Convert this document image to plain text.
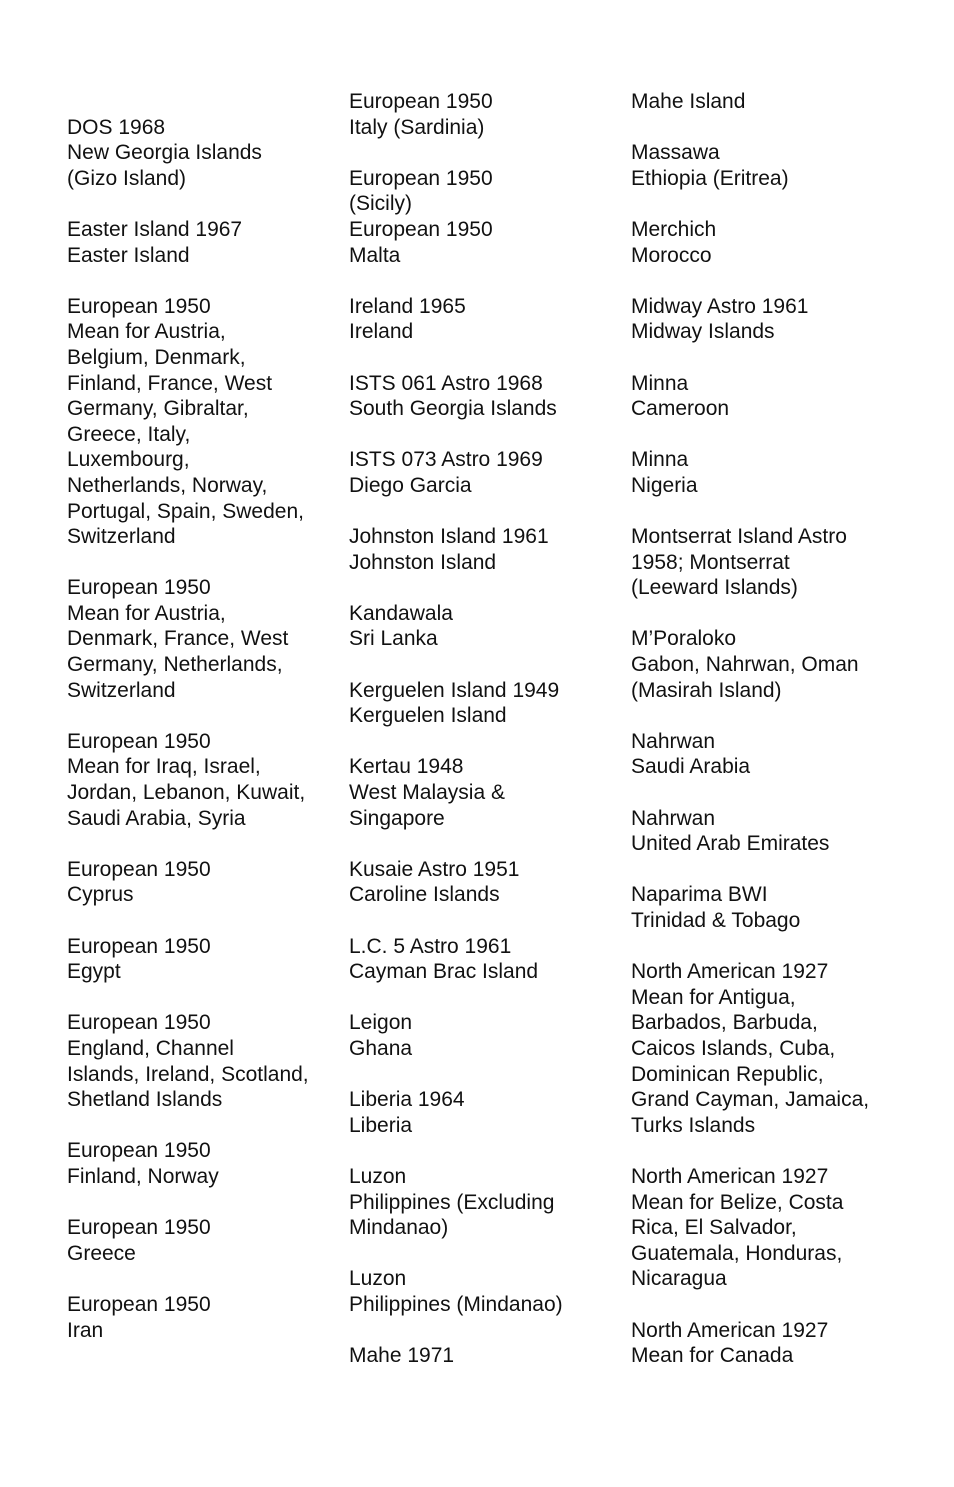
DOS 1968
New Georgia Islands
(Gizo Island)
Easter Island 1967
Easter Island
European 1950
Mean for Austria,
Belgium, Denmark,
Finland, France, West
Germany, Gibraltar,
Greece, Italy,
Luxembourg,
Netherlands, Norway,
Portugal, Spain, Sweden,
Switzerland
European 1950
Mean for Austria,
Denmark, France, West
Germany, Netherlands,
Switzerland
European 1950
Mean for Iraq, Israel,
Jordan, Lebanon, Kuwait,
Saudi Arabia, Syria
European 1950
Cyprus
European 1950
Egypt
European 1950
England, Channel
Islands, Ireland, Scotland,
Shetland Islands
European 1950
Finland, Norway
European 1950
Greece
European 1950
Iran
European 1950
Italy (Sardinia)
European 1950
(Sicily)
European 1950
Malta
Ireland 1965
Ireland
ISTS 061 Astro 1968
South Georgia Islands
ISTS 073 Astro 1969
Diego Garcia
Johnston Island 1961
Johnston Island
Kandawala
Sri Lanka
Kerguelen Island 1949
Kerguelen Island
Kertau 1948
West Malaysia &
Singapore
Kusaie Astro 1951
Caroline Islands
L.C. 5 Astro 1961
Cayman Brac Island
Leigon
Ghana
Liberia 1964
Liberia
Luzon
Philippines (Excluding
Mindanao)
Luzon
Philippines (Mindanao)
Mahe 1971
Mahe Island
Massawa
Ethiopia (Eritrea)
Merchich
Morocco
Midway Astro 1961
Midway Islands
Minna
Cameroon
Minna
Nigeria
Montserrat Island Astro
1958; Montserrat
(Leeward Islands)
M’Poraloko
Gabon, Nahrwan, Oman
(Masirah Island)
Nahrwan
Saudi Arabia
Nahrwan
United Arab Emirates
Naparima BWI
Trinidad & Tobago
North American 1927
Mean for Antigua,
Barbados, Barbuda,
Caicos Islands, Cuba,
Dominican Republic,
Grand Cayman, Jamaica,
Turks Islands
North American 1927
Mean for Belize, Costa
Rica, El Salvador,
Guatemala, Honduras,
Nicaragua
North American 1927
Mean for Canada
